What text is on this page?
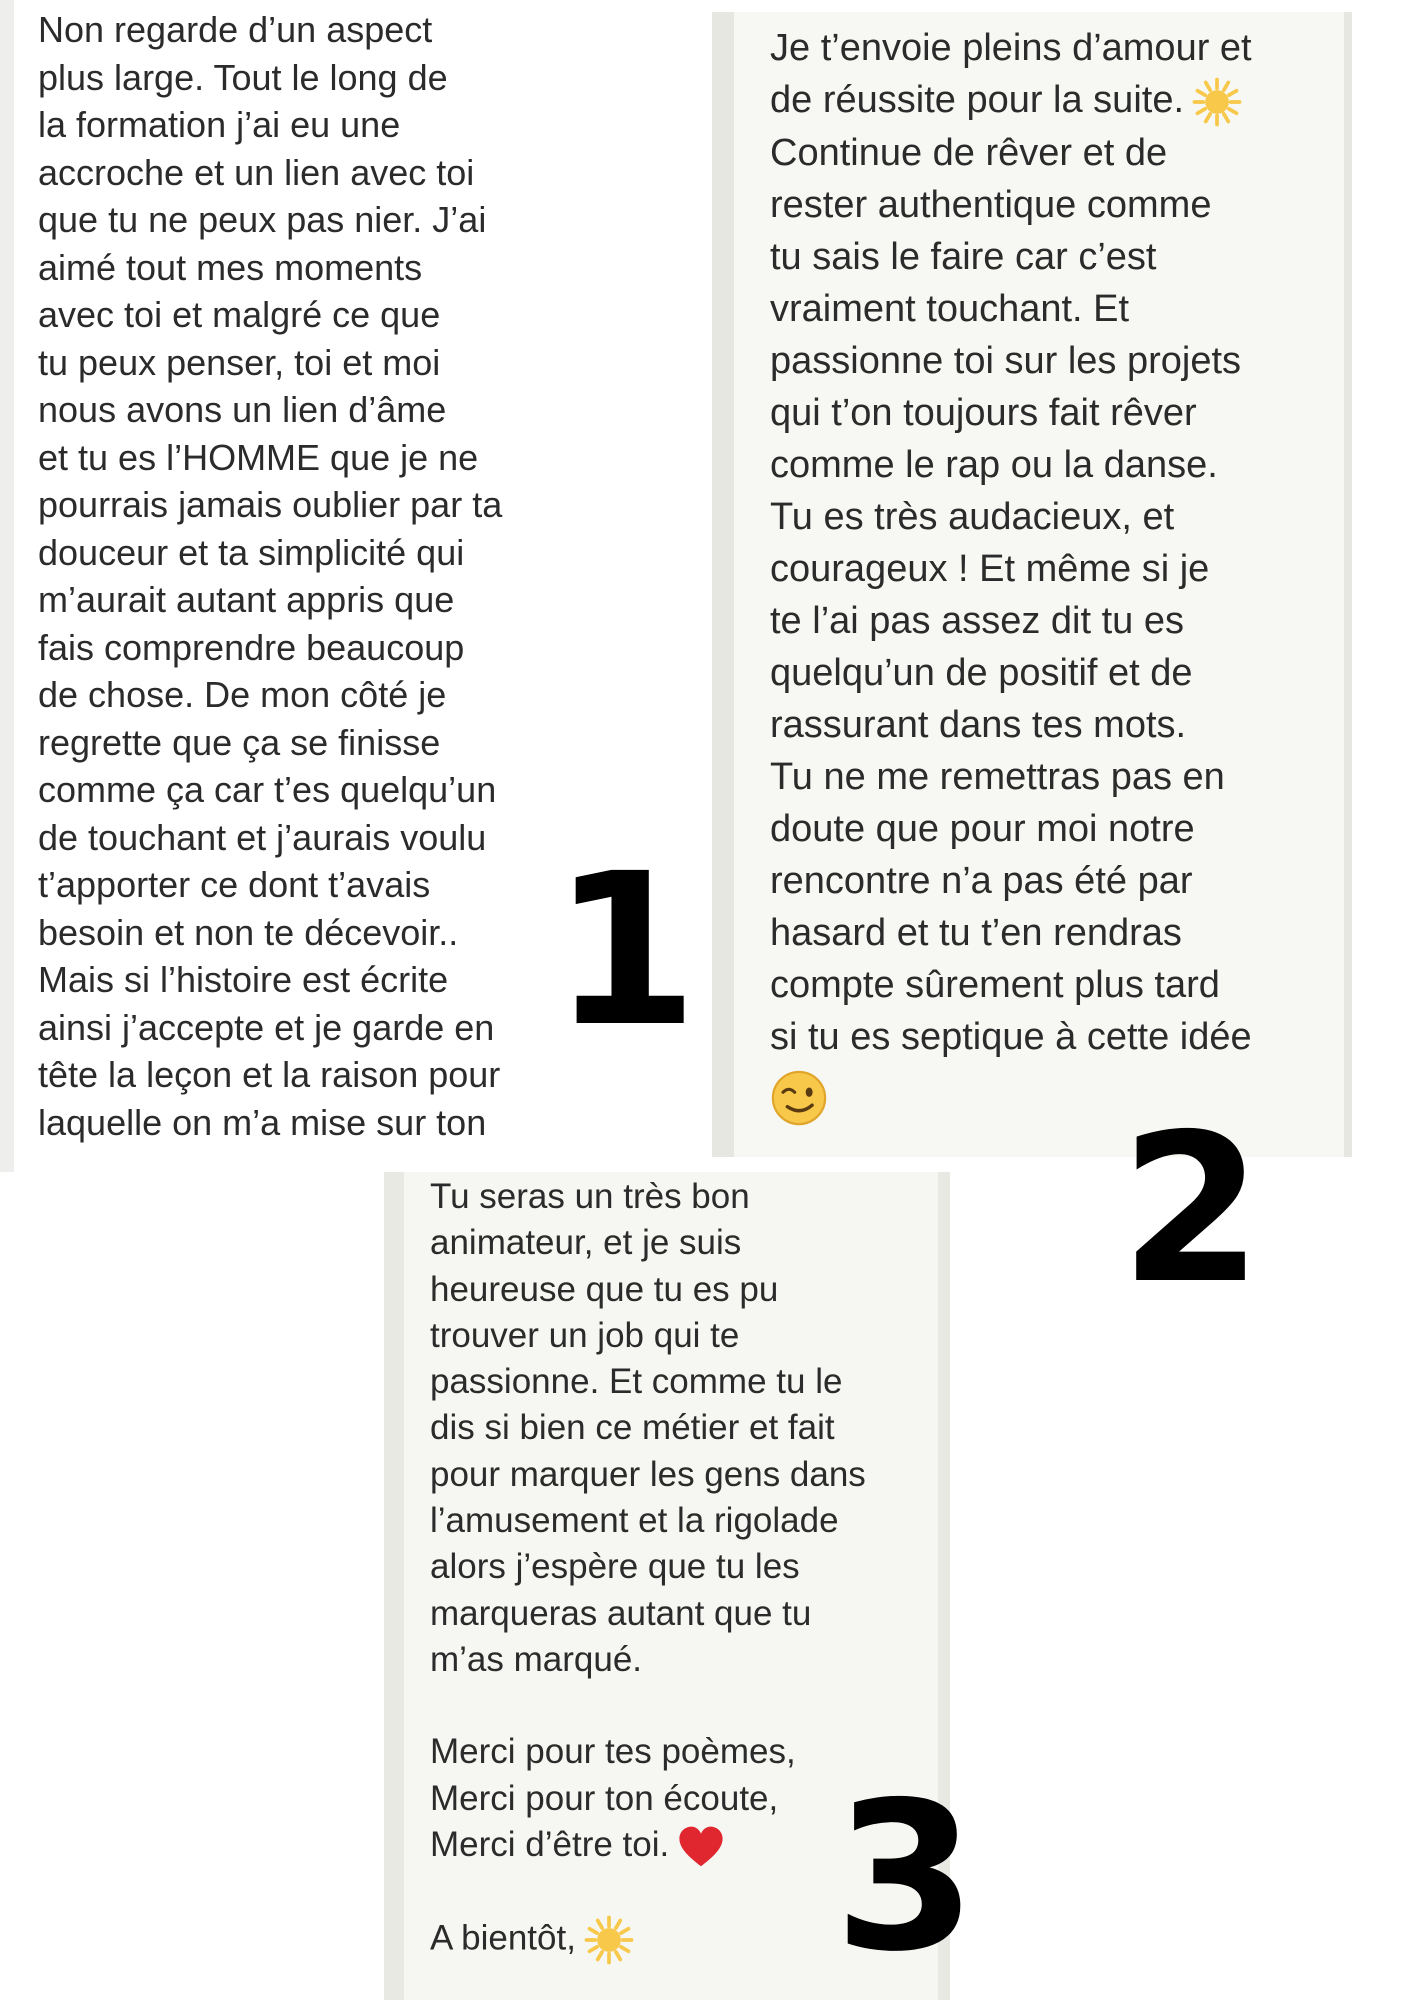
Non regarde d’un aspect
plus large. Tout le long de
la formation j’ai eu une
accroche et un lien avec toi
que tu ne peux pas nier. J’ai
aimé tout mes moments
avec toi et malgré ce que
tu peux penser, toi et moi
nous avons un lien d’âme
et tu es l’HOMME que je ne
pourrais jamais oublier par ta
douceur et ta simplicité qui
m’aurait autant appris que
fais comprendre beaucoup
de chose. De mon côté je
regrette que ça se finisse
comme ça car t’es quelqu’un
de touchant et j’aurais voulu
t’apporter ce dont t’avais
besoin et non te décevoir..
Mais si l’histoire est écrite
ainsi j’accepte et je garde en
tête la leçon et la raison pour
laquelle on m’a mise sur ton
1
Je t’envoie pleins d’amour et
de réussite pour la suite.
Continue de rêver et de
rester authentique comme
tu sais le faire car c’est
vraiment touchant. Et
passionne toi sur les projets
qui t’on toujours fait rêver
comme le rap ou la danse.
Tu es très audacieux, et
courageux ! Et même si je
te l’ai pas assez dit tu es
quelqu’un de positif et de
rassurant dans tes mots.
Tu ne me remettras pas en
doute que pour moi notre
rencontre n’a pas été par
hasard et tu t’en rendras
compte sûrement plus tard
si tu es septique à cette idée
2
Tu seras un très bon
animateur, et je suis
heureuse que tu es pu
trouver un job qui te
passionne. Et comme tu le
dis si bien ce métier et fait
pour marquer les gens dans
l’amusement et la rigolade
alors j’espère que tu les
marqueras autant que tu
m’as marqué.
Merci pour tes poèmes,
Merci pour ton écoute,
Merci d’être toi.
A bientôt,	3
